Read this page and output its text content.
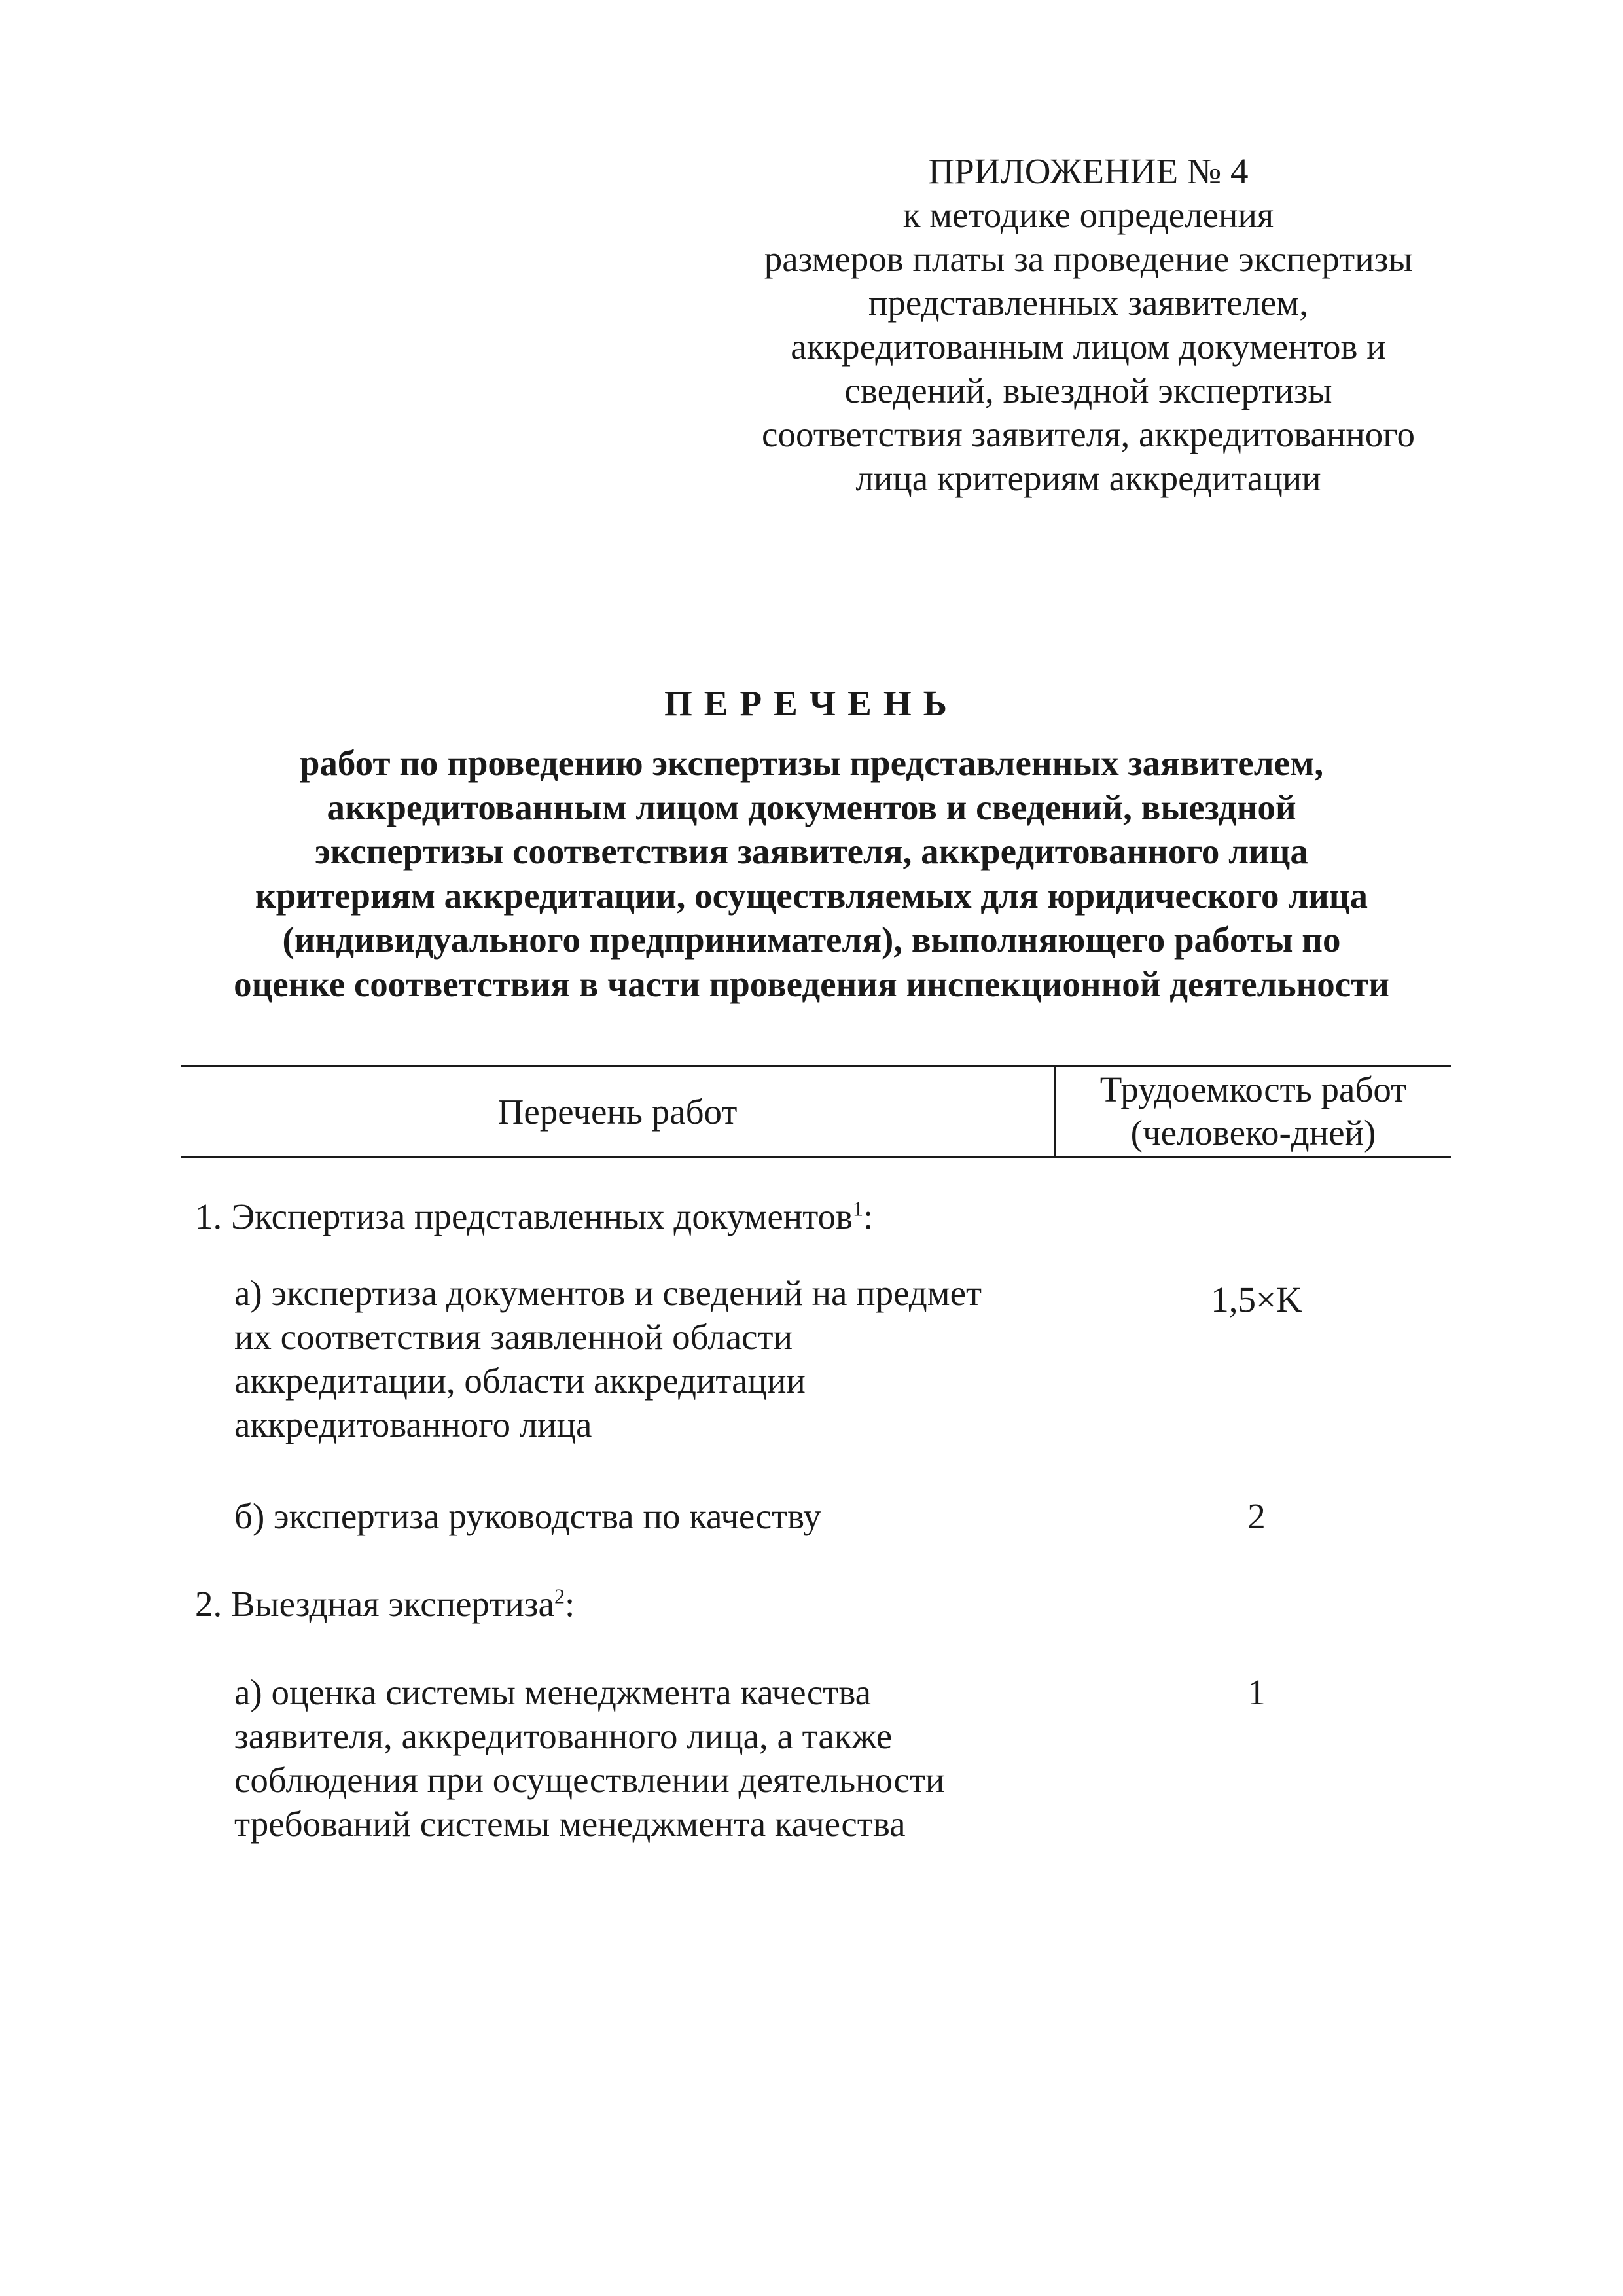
ПРИЛОЖЕНИЕ № 4
к методике определения
размеров платы за проведение экспертизы
представленных заявителем,
аккредитованным лицом документов и
сведений, выездной экспертизы
соответствия заявителя, аккредитованного
лица критериям аккредитации
ПЕРЕЧЕНЬ
работ по проведению экспертизы представленных заявителем,
аккредитованным лицом документов и сведений, выездной
экспертизы соответствия заявителя, аккредитованного лица
критериям аккредитации, осуществляемых для юридического лица
(индивидуального предпринимателя), выполняющего работы по
оценке соответствия в части проведения инспекционной деятельности
Перечень работ
Трудоемкость работ
(человеко-дней)
1. Экспертиза представленных документов$^1$:
а) экспертиза документов и сведений на предмет
их соответствия заявленной области
аккредитации, области аккредитации
аккредитованного лица
1,5×K
б) экспертиза руководства по качеству	2
2. Выездная экспертиза$^2$:
а) оценка системы менеджмента качества
заявителя, аккредитованного лица, а также
соблюдения при осуществлении деятельности
требований системы менеджмента качества
1
